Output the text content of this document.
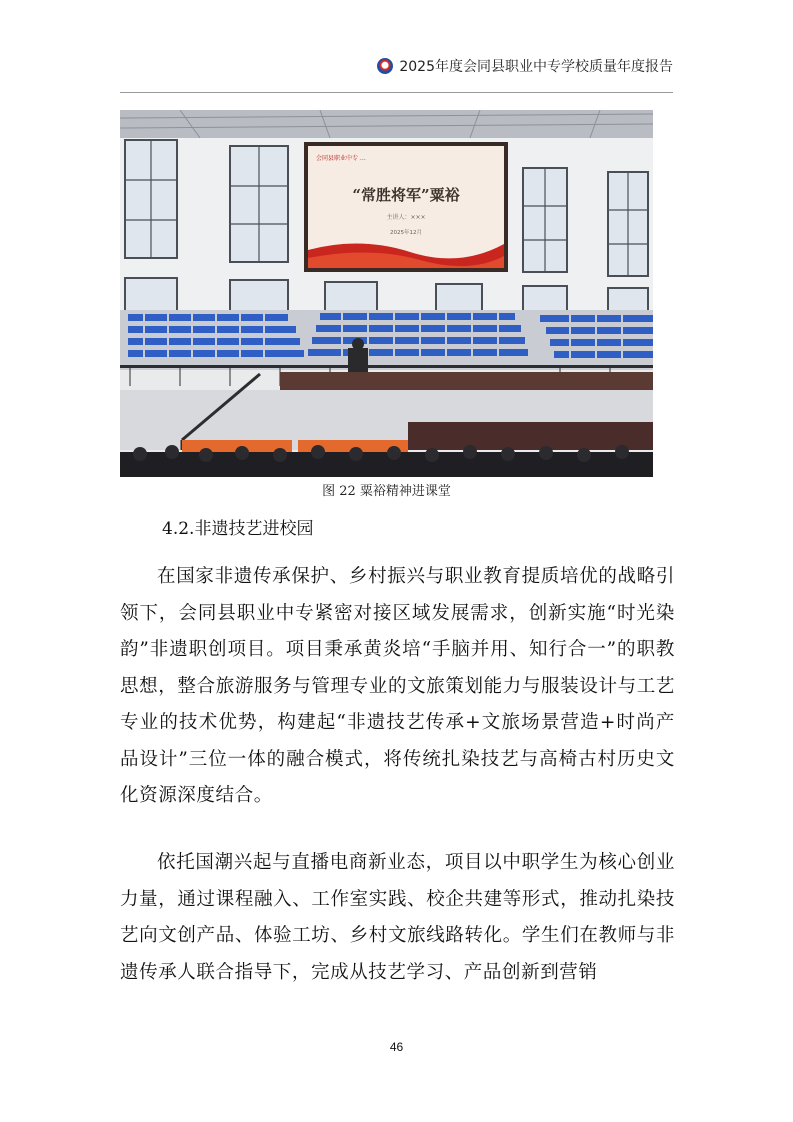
2025年度会同县职业中专学校质量年度报告
会同县职业中专 …
“常胜将军”粟裕
主讲人：×××
2025年12月
图 22 粟裕精神进课堂
4.2.非遗技艺进校园

在国家非遗传承保护、乡村振兴与职业教育提质培优的战略引领下，会同县职业中专紧密对接区域发展需求，创新实施“时光染韵”非遗职创项目。项目秉承黄炎培“手脑并用、知行合一”的职教思想，整合旅游服务与管理专业的文旅策划能力与服装设计与工艺专业的技术优势，构建起“非遗技艺传承+文旅场景营造+时尚产品设计”三位一体的融合模式，将传统扎染技艺与高椅古村历史文化资源深度结合。

依托国潮兴起与直播电商新业态，项目以中职学生为核心创业力量，通过课程融入、工作室实践、校企共建等形式，推动扎染技艺向文创产品、体验工坊、乡村文旅线路转化。学生们在教师与非遗传承人联合指导下，完成从技艺学习、产品创新到营销

46
